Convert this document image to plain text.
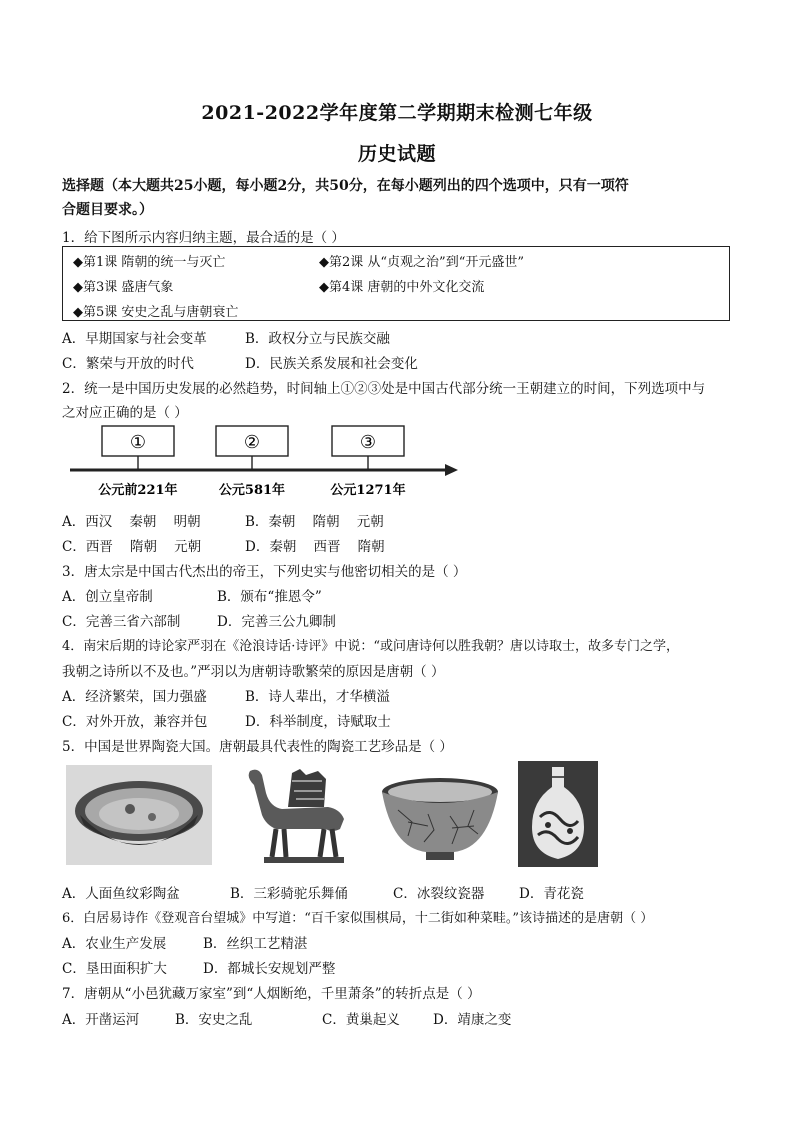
2021-2022学年度第二学期期末检测七年级
历史试题
选择题（本大题共25小题，每小题2分，共50分，在每小题列出的四个选项中，只有一项符
合题目要求。）
1．给下图所示内容归纳主题，最合适的是（ ）
◆第1课 隋朝的统一与灭亡	◆第2课 从“贞观之治”到“开元盛世”
◆第3课 盛唐气象	◆第4课 唐朝的中外文化交流
◆第5课 安史之乱与唐朝衰亡
A．早期国家与社会变革	B．政权分立与民族交融
C．繁荣与开放的时代	D．民族关系发展和社会变化
2．统一是中国历史发展的必然趋势，时间轴上①②③处是中国古代部分统一王朝建立的时间，下列选项中与
之对应正确的是（ ）
①	②	③
公元前221年	公元581年	公元1271年
A．西汉    秦朝    明朝	B．秦朝    隋朝    元朝
C．西晋    隋朝    元朝	D．秦朝    西晋    隋朝
3．唐太宗是中国古代杰出的帝王，下列史实与他密切相关的是（ ）
A．创立皇帝制	B．颁布“推恩令”
C．完善三省六部制	D．完善三公九卿制
4．南宋后期的诗论家严羽在《沧浪诗话·诗评》中说：“或问唐诗何以胜我朝？唐以诗取士，故多专门之学，
我朝之诗所以不及也。”严羽以为唐朝诗歌繁荣的原因是唐朝（ ）
A．经济繁荣，国力强盛	B．诗人辈出，才华横溢
C．对外开放，兼容并包	D．科举制度，诗赋取士
5．中国是世界陶瓷大国。唐朝最具代表性的陶瓷工艺珍品是（ ）
A．人面鱼纹彩陶盆	B．三彩骑驼乐舞俑	C．冰裂纹瓷器	D．青花瓷
6．白居易诗作《登观音台望城》中写道：“百千家似围棋局，十二街如种菜畦。”该诗描述的是唐朝（ ）
A．农业生产发展	B．丝织工艺精湛
C．垦田面积扩大	D．都城长安规划严整
7．唐朝从“小邑犹藏万家室”到“人烟断绝，千里萧条”的转折点是（ ）
A．开凿运河	B．安史之乱	C．黄巢起义 D．靖康之变
